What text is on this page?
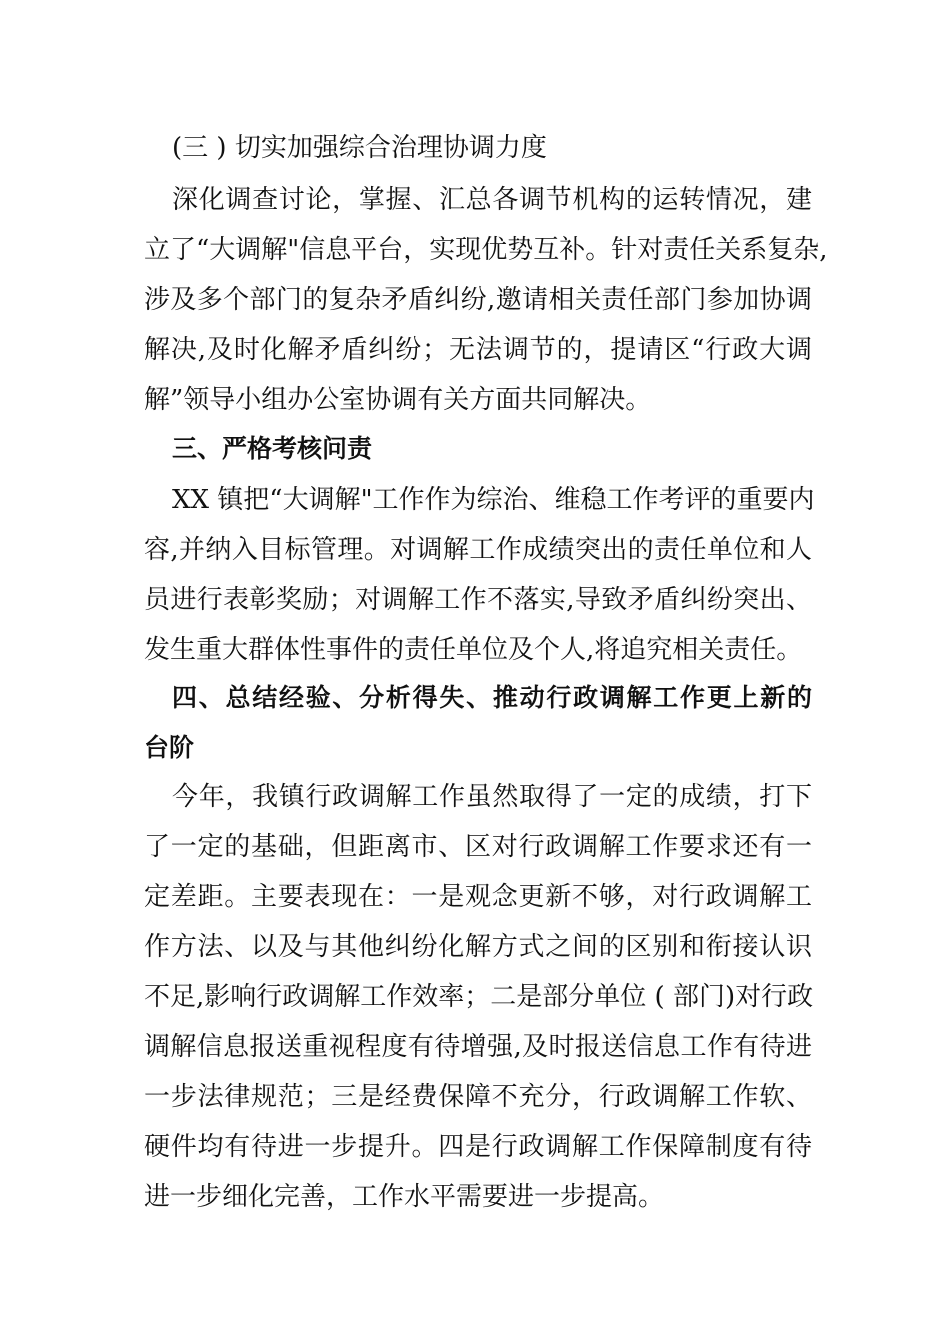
(三 ) 切实加强综合治理协调力度
深化调查讨论，掌握、汇总各调节机构的运转情况，建
立了“大调解"信息平台，实现优势互补。针对责任关系复杂,
涉及多个部门的复杂矛盾纠纷,邀请相关责任部门参加协调
解决,及时化解矛盾纠纷；无法调节的，提请区“行政大调
解”领导小组办公室协调有关方面共同解决。
三、严格考核问责
XX 镇把“大调解"工作作为综治、维稳工作考评的重要内
容,并纳入目标管理。对调解工作成绩突出的责任单位和人
员进行表彰奖励；对调解工作不落实,导致矛盾纠纷突出、
发生重大群体性事件的责任单位及个人,将追究相关责任。
四、总结经验、分析得失、推动行政调解工作更上新的
台阶
今年，我镇行政调解工作虽然取得了一定的成绩，打下
了一定的基础，但距离市、区对行政调解工作要求还有一
定差距。主要表现在：一是观念更新不够，对行政调解工
作方法、以及与其他纠纷化解方式之间的区别和衔接认识
不足,影响行政调解工作效率；二是部分单位 ( 部门)对行政
调解信息报送重视程度有待增强,及时报送信息工作有待进
一步法律规范；三是经费保障不充分，行政调解工作软、
硬件均有待进一步提升。四是行政调解工作保障制度有待
进一步细化完善，工作水平需要进一步提高。
